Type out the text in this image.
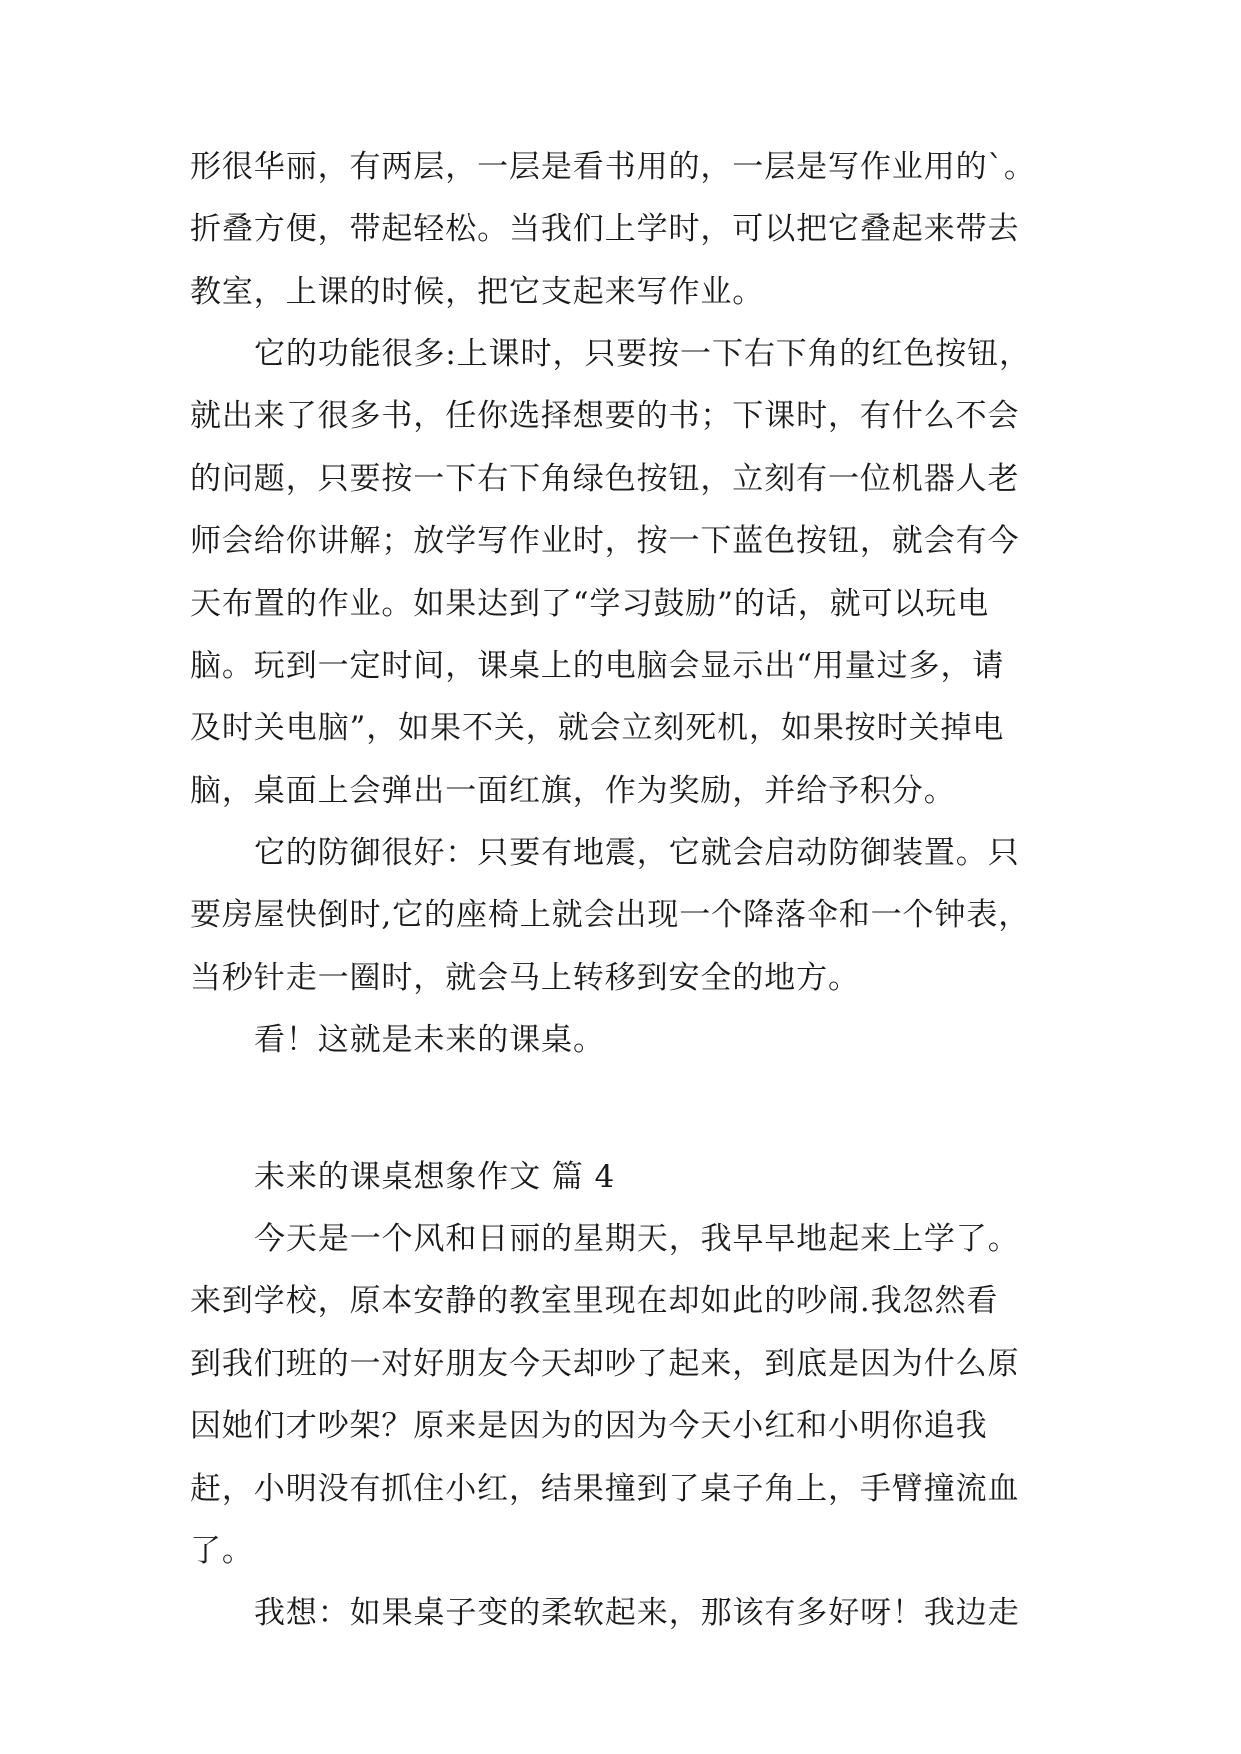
形很华丽，有两层，一层是看书用的，一层是写作业用的`。
折叠方便，带起轻松。当我们上学时，可以把它叠起来带去
教室，上课的时候，把它支起来写作业。
它的功能很多:上课时，只要按一下右下角的红色按钮，
就出来了很多书，任你选择想要的书；下课时，有什么不会
的问题，只要按一下右下角绿色按钮，立刻有一位机器人老
师会给你讲解；放学写作业时，按一下蓝色按钮，就会有今
天布置的作业。如果达到了“学习鼓励”的话，就可以玩电
脑。玩到一定时间，课桌上的电脑会显示出“用量过多，请
及时关电脑”，如果不关，就会立刻死机，如果按时关掉电
脑，桌面上会弹出一面红旗，作为奖励，并给予积分。
它的防御很好：只要有地震，它就会启动防御装置。只
要房屋快倒时,它的座椅上就会出现一个降落伞和一个钟表，
当秒针走一圈时，就会马上转移到安全的地方。
看！这就是未来的课桌。
未来的课桌想象作文 篇 4
今天是一个风和日丽的星期天，我早早地起来上学了。
来到学校，原本安静的教室里现在却如此的吵闹.我忽然看
到我们班的一对好朋友今天却吵了起来，到底是因为什么原
因她们才吵架？原来是因为的因为今天小红和小明你追我
赶，小明没有抓住小红，结果撞到了桌子角上，手臂撞流血
了。
我想：如果桌子变的柔软起来，那该有多好呀！我边走
